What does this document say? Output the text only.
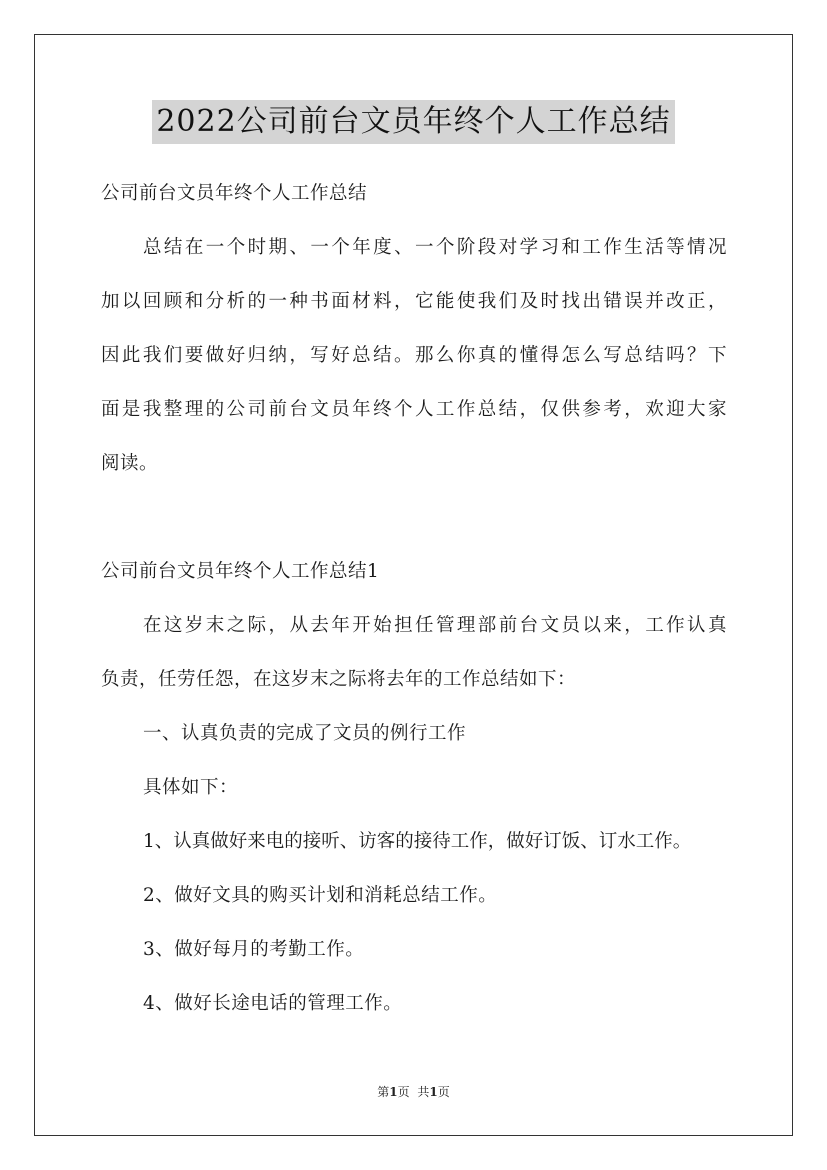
2022公司前台文员年终个人工作总结
公司前台文员年终个人工作总结
总结在一个时期、一个年度、一个阶段对学习和工作生活等情况
加以回顾和分析的一种书面材料，它能使我们及时找出错误并改正，
因此我们要做好归纳，写好总结。那么你真的懂得怎么写总结吗？下
面是我整理的公司前台文员年终个人工作总结，仅供参考，欢迎大家
阅读。
公司前台文员年终个人工作总结1
在这岁末之际，从去年开始担任管理部前台文员以来，工作认真
负责，任劳任怨，在这岁末之际将去年的工作总结如下：
一、认真负责的完成了文员的例行工作
具体如下：
1、认真做好来电的接听、访客的接待工作，做好订饭、订水工作。
2、做好文具的购买计划和消耗总结工作。
3、做好每月的考勤工作。
4、做好长途电话的管理工作。
第1页 共1页
